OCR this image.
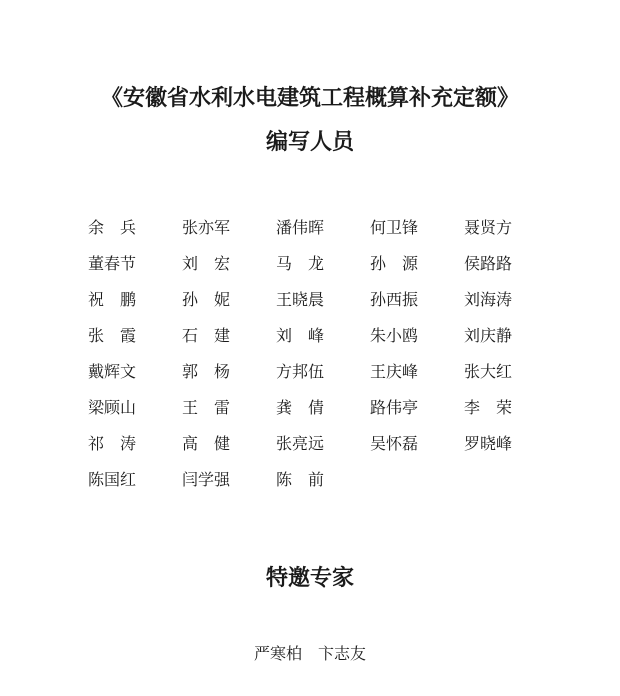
《安徽省水利水电建筑工程概算补充定额》
编写人员
余　兵	张亦军	潘伟晖	何卫锋	聂贤方
董春节	刘　宏	马　龙	孙　源	侯路路
祝　鹏	孙　妮	王晓晨	孙西振	刘海涛
张　霞	石　建	刘　峰	朱小鸥	刘庆静
戴辉文	郭　杨	方邦伍	王庆峰	张大红
梁顾山	王　雷	龚　倩	路伟亭	李　荣
祁　涛	高　健	张亮远	吴怀磊	罗晓峰
陈国红	闫学强	陈　前
特邀专家
严寒柏　卞志友
